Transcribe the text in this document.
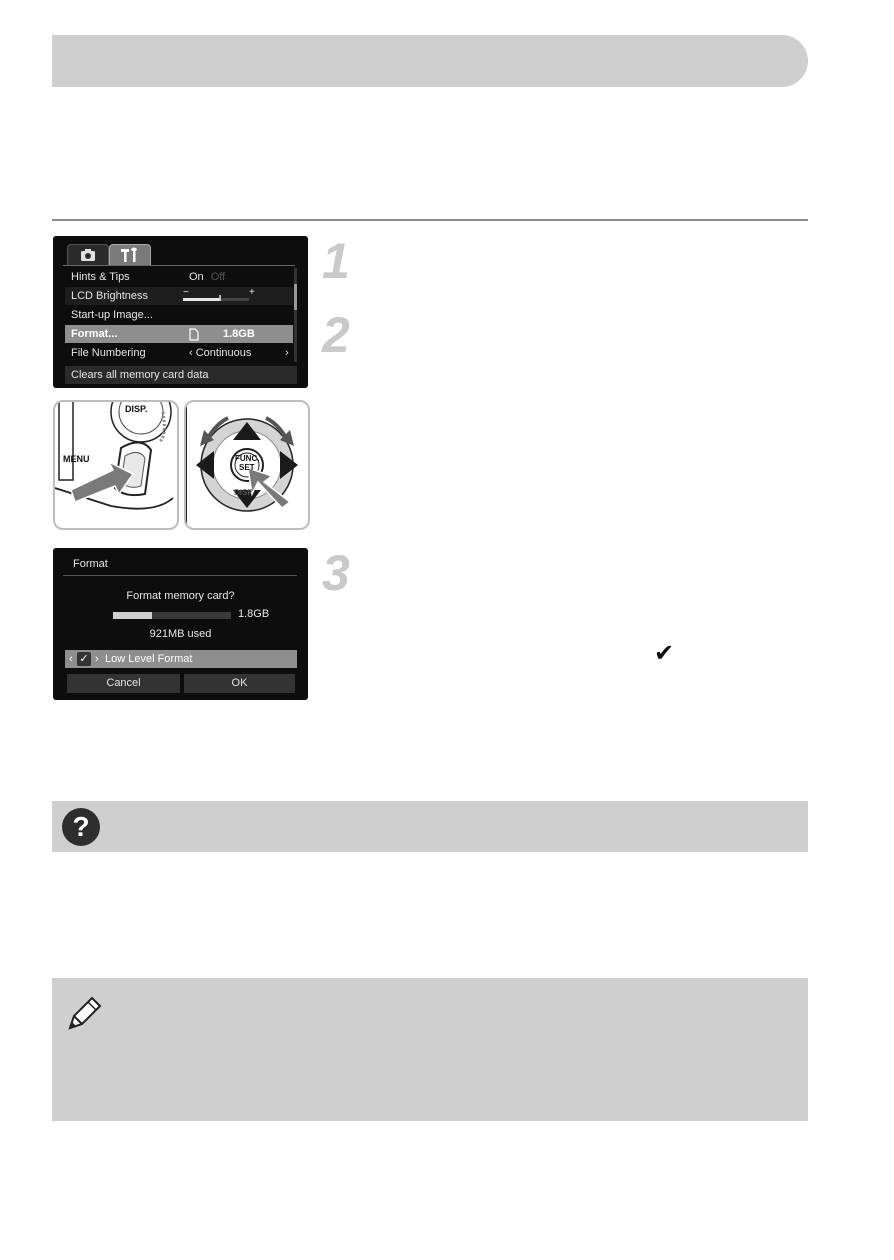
Hints & Tips	On Off
LCD Brightness	−	+
Start-up Image...
Format...	1.8GB
File Numbering	‹ Continuous	›
Clears all memory card data
DISP.
MENU	FUNC.
SET
DISP.
Format
Format memory card?
1.8GB
921MB used
‹ ✓ › Low Level Format
Cancel	OK
1
2
3
✔
?
